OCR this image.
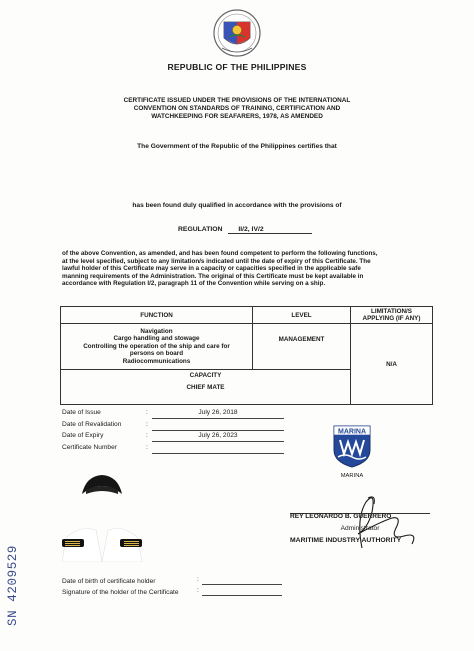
REPUBLIC OF THE PHILIPPINES
CERTIFICATE ISSUED UNDER THE PROVISIONS OF THE INTERNATIONAL
CONVENTION ON STANDARDS OF TRAINING, CERTIFICATION AND
WATCHKEEPING FOR SEAFARERS, 1978, AS AMENDED
The Government of the Republic of the Philippines certifies that
has been found duly qualified in accordance with the provisions of
REGULATION II/2, IV/2
of the above Convention, as amended, and has been found competent to perform the following functions,
at the level specified, subject to any limitation/s indicated until the date of expiry of this Certificate. The
lawful holder of this Certificate may serve in a capacity or capacities specified in the applicable safe
manning requirements of the Administration. The original of this Certificate must be kept available in
accordance with Regulation I/2, paragraph 11 of the Convention while serving on a ship.
FUNCTION	LEVEL	LIMITATION/S
APPLYING (IF ANY)

Navigation
Cargo handling and stowage
Controlling the operation of the ship and care for
persons on board
Radiocommunications	MANAGEMENT	N/A

CAPACITY
CHIEF MATE		
Date of Issue	:	July 26, 2018
Date of Revalidation	:
Date of Expiry	:	July 26, 2023
Certificate Number	:
MARINA
MARINA
REY LEONARDO B. GUERRERO
Administrator
MARITIME INDUSTRY AUTHORITY
SN 4209529	Date of birth of certificate holder
Signature of the holder of the Certificate
:
:
